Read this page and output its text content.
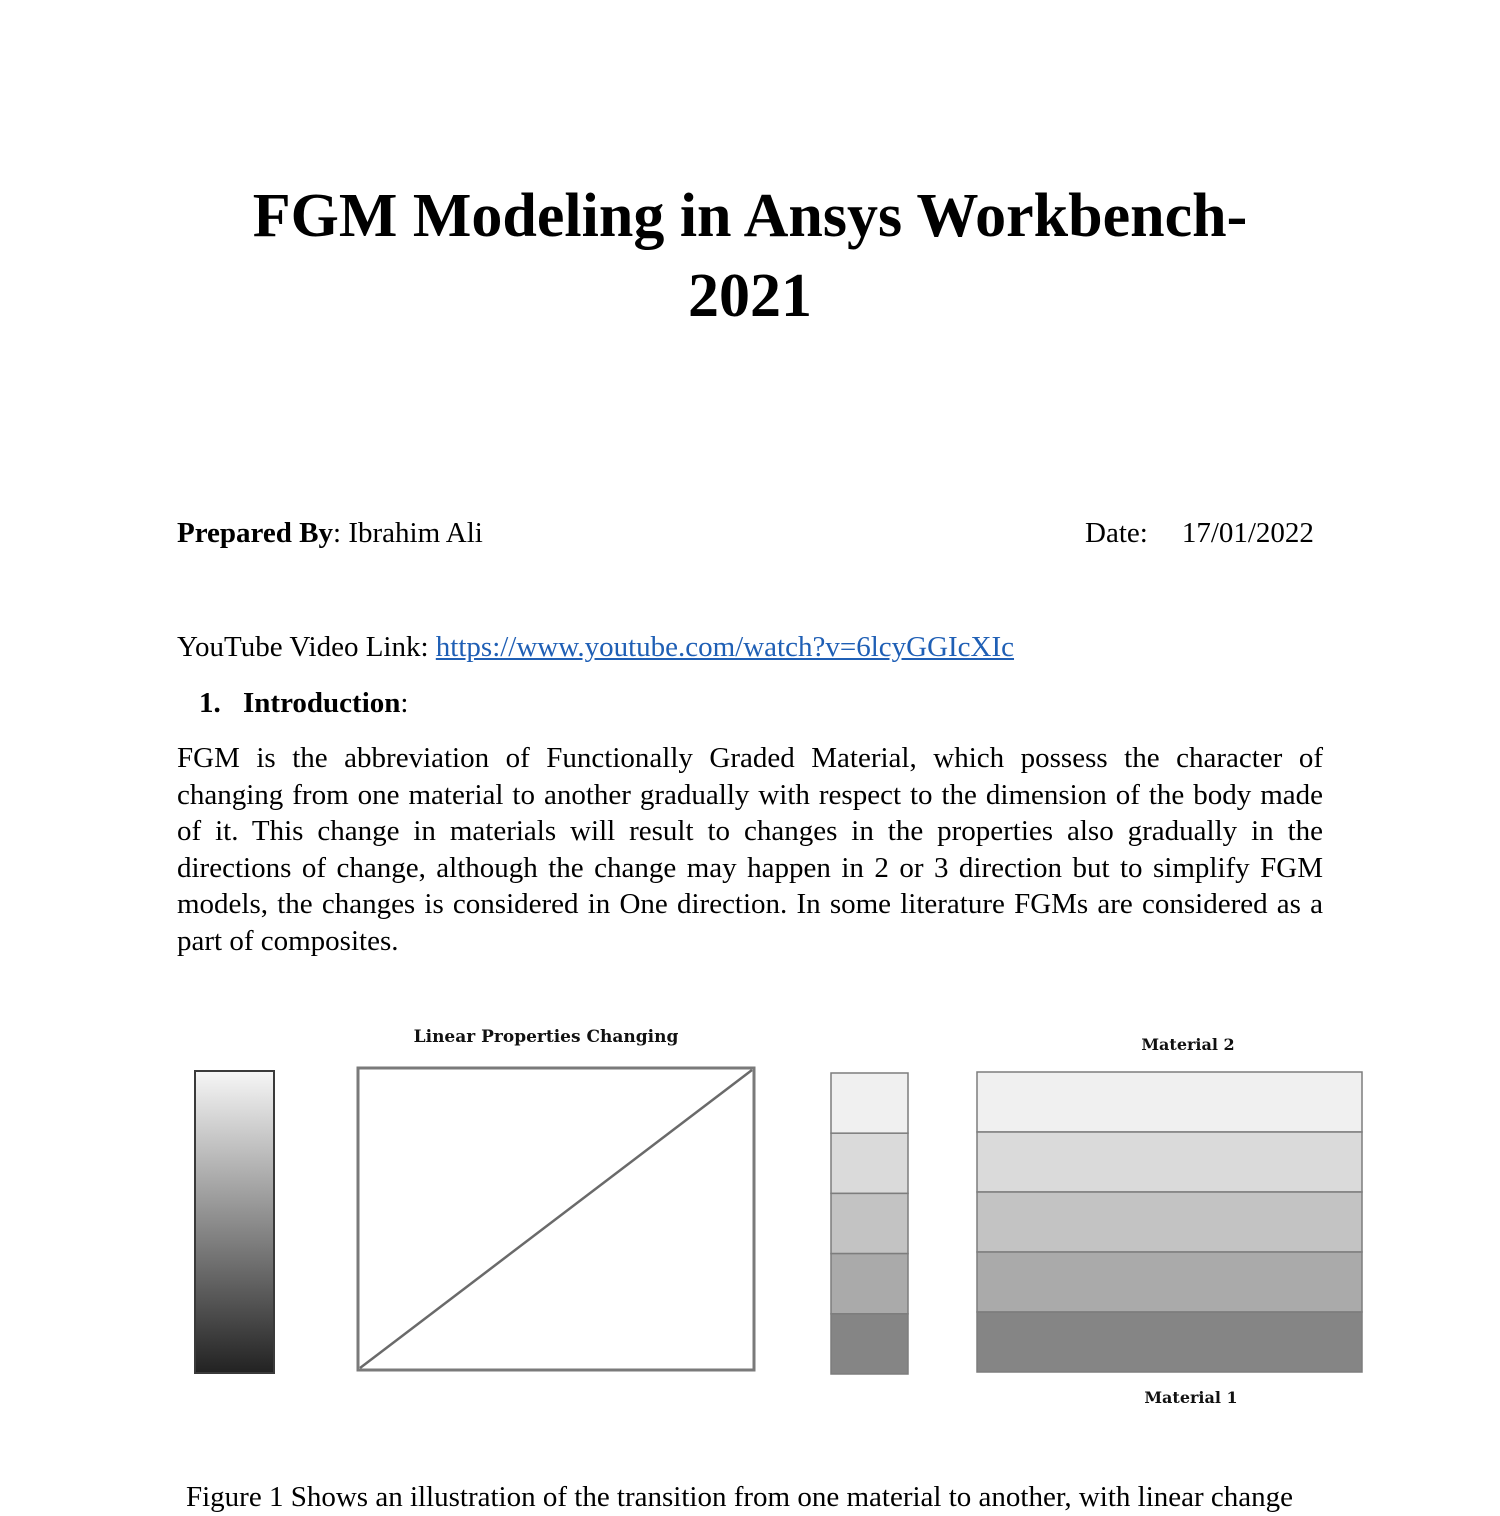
FGM Modeling in Ansys Workbench-
2021
Prepared By: Ibrahim Ali	Date: 17/01/2022
YouTube Video Link: https://www.youtube.com/watch?v=6lcyGGIcXIc
1. Introduction:
FGM is the abbreviation of Functionally Graded Material, which possess the character of changing from one material to another gradually with respect to the dimension of the body made of it. This change in materials will result to changes in the properties also gradually in the directions of change, although the change may happen in 2 or 3 direction but to simplify FGM models, the changes is considered in One direction. In some literature FGMs are considered as a part of composites.
Linear Properties Changing	Material 2
Material 1
Figure 1 Shows an illustration of the transition from one material to another, with linear change
